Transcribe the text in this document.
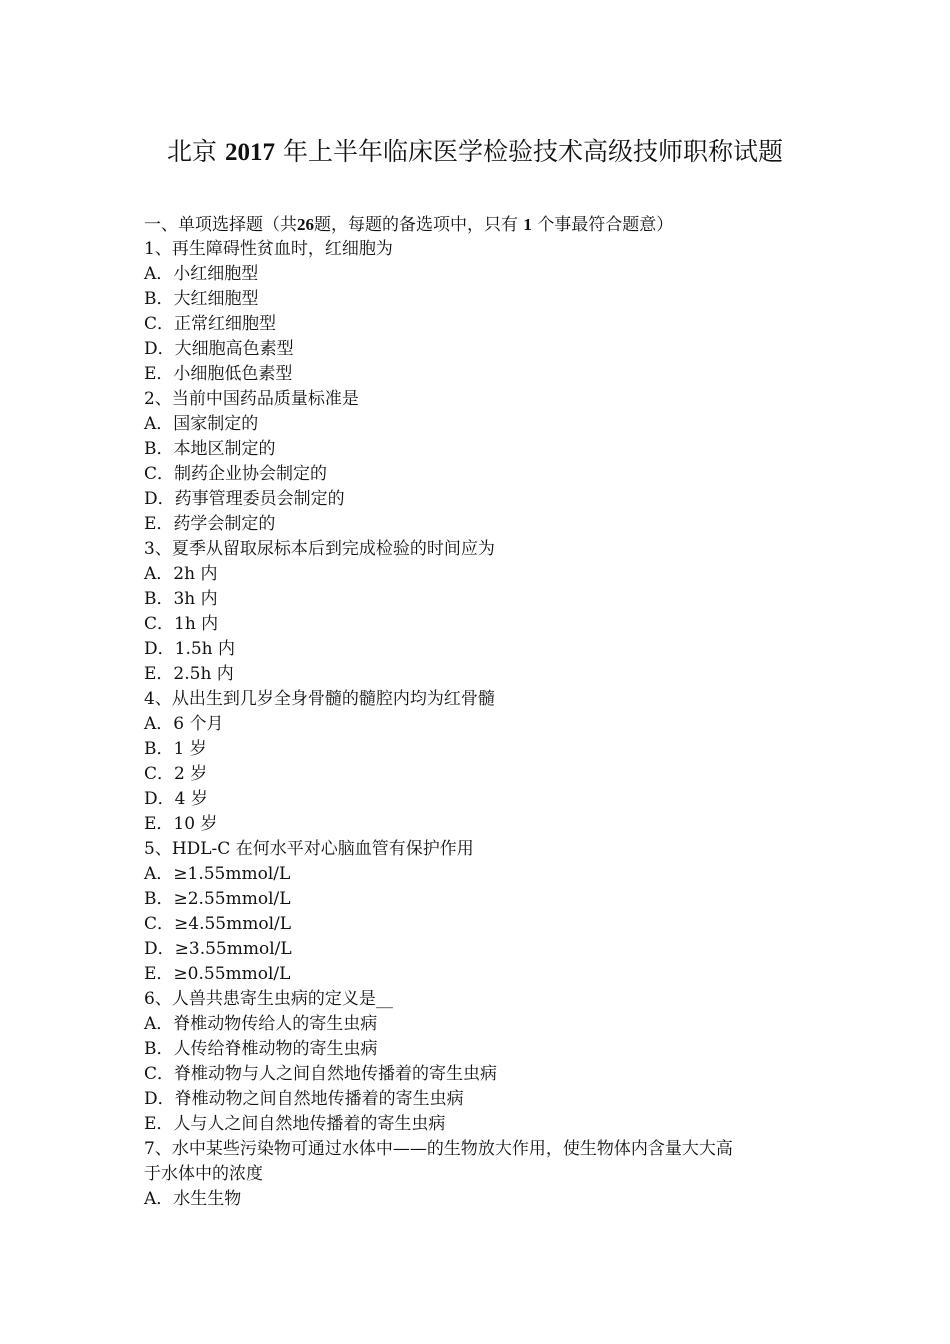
北京 2017 年上半年临床医学检验技术高级技师职称试题
一、单项选择题（共26题，每题的备选项中，只有 1 个事最符合题意）
1、再生障碍性贫血时，红细胞为
A．小红细胞型
B．大红细胞型
C．正常红细胞型
D．大细胞高色素型
E．小细胞低色素型
2、当前中国药品质量标准是
A．国家制定的
B．本地区制定的
C．制药企业协会制定的
D．药事管理委员会制定的
E．药学会制定的
3、夏季从留取尿标本后到完成检验的时间应为
A．2h 内
B．3h 内
C．1h 内
D．1.5h 内
E．2.5h 内
4、从出生到几岁全身骨髓的髓腔内均为红骨髓
A．6 个月
B．1 岁
C．2 岁
D．4 岁
E．10 岁
5、HDL-C 在何水平对心脑血管有保护作用
A．≥1.55mmol/L
B．≥2.55mmol/L
C．≥4.55mmol/L
D．≥3.55mmol/L
E．≥0.55mmol/L
6、人兽共患寄生虫病的定义是__
A．脊椎动物传给人的寄生虫病
B．人传给脊椎动物的寄生虫病
C．脊椎动物与人之间自然地传播着的寄生虫病
D．脊椎动物之间自然地传播着的寄生虫病
E．人与人之间自然地传播着的寄生虫病
7、水中某些污染物可通过水体中——的生物放大作用，使生物体内含量大大高
于水体中的浓度
A．水生生物
